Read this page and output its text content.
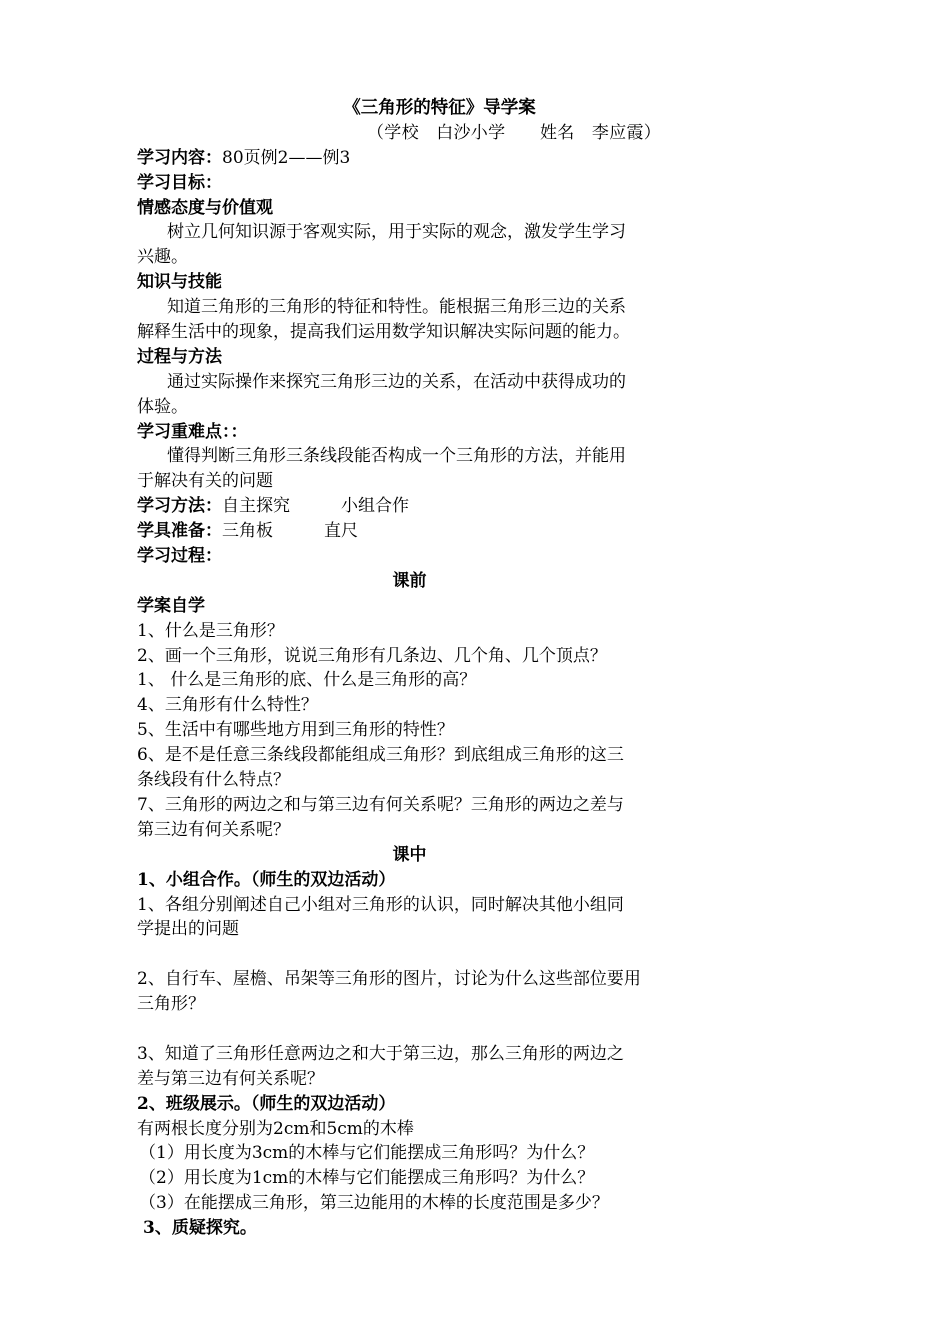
《三角形的特征》导学案
（学校　白沙小学　　姓名　李应霞）
学习内容：80页例2——例3
学习目标：
情感态度与价值观
树立几何知识源于客观实际，用于实际的观念，激发学生学习
兴趣。
知识与技能
知道三角形的三角形的特征和特性。能根据三角形三边的关系
解释生活中的现象，提高我们运用数学知识解决实际问题的能力。
过程与方法
通过实际操作来探究三角形三边的关系，在活动中获得成功的
体验。
学习重难点：：
懂得判断三角形三条线段能否构成一个三角形的方法，并能用
于解决有关的问题
学习方法：自主探究　　　小组合作
学具准备：三角板　　　直尺
学习过程：
课前
学案自学
1、什么是三角形？
2、画一个三角形，说说三角形有几条边、几个角、几个顶点？
1、 什么是三角形的底、什么是三角形的高？
4、三角形有什么特性？
5、生活中有哪些地方用到三角形的特性？
6、是不是任意三条线段都能组成三角形？到底组成三角形的这三
条线段有什么特点？
7、三角形的两边之和与第三边有何关系呢？三角形的两边之差与
第三边有何关系呢？
课中
1、小组合作。（师生的双边活动）
1、各组分别阐述自己小组对三角形的认识，同时解决其他小组同
学提出的问题
2、自行车、屋檐、吊架等三角形的图片，讨论为什么这些部位要用
三角形？
3、知道了三角形任意两边之和大于第三边，那么三角形的两边之
差与第三边有何关系呢？
2、班级展示。（师生的双边活动）
有两根长度分别为2cm和5cm的木棒
（1）用长度为3cm的木棒与它们能摆成三角形吗？为什么？
（2）用长度为1cm的木棒与它们能摆成三角形吗？为什么？
（3）在能摆成三角形，第三边能用的木棒的长度范围是多少？
3、质疑探究。
